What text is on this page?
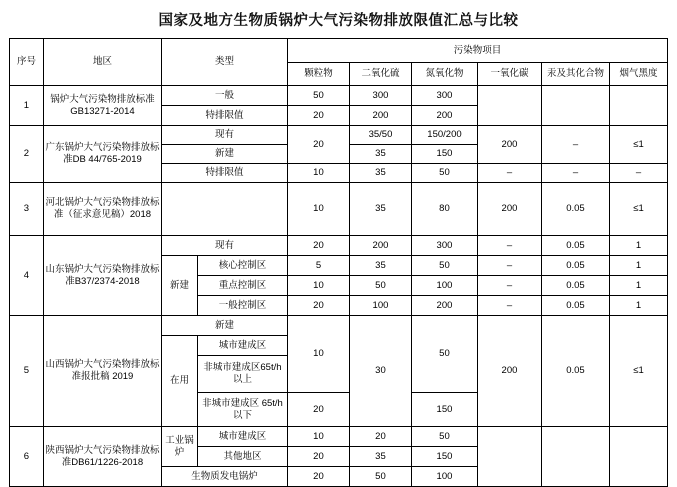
国家及地方生物质锅炉大气污染物排放限值汇总与比较
序号	地区	类型		污染物项目					
				颗粒物	二氧化硫	氮氧化物	一氧化碳	汞及其化合物	烟气黑度
1	锅炉大气污染物排放标准GB13271-2014	一般		50	300	300			
		特排限值		20	200	200			
2	广东锅炉大气污染物排放标准DB 44/765-2019	现有		20	35/50	150/200	200	–	≤1
		新建			35	150			
		特排限值		10	35	50	–	–	–
3	河北锅炉大气污染物排放标准（征求意见稿）2018			10	35	80	200	0.05	≤1
4	山东锅炉大气污染物排放标准B37/2374-2018	现有		20	200	300	–	0.05	1
		新建	核心控制区	5	35	50	–	0.05	1
			重点控制区	10	50	100	–	0.05	1
			一般控制区	20	100	200	–	0.05	1
5	山西锅炉大气污染物排放标准报批稿 2019	新建		10	30	50	200	0.05	≤1
		在用	城市建成区						
			非城市建成区65t/h以上						
			非城市建成区 65t/h 以下	20		150			
6	陕西锅炉大气污染物排放标准DB61/1226-2018	工业锅炉	城市建成区	10	20	50			
			其他地区	20	35	150			
		生物质发电锅炉		20	50	100			
